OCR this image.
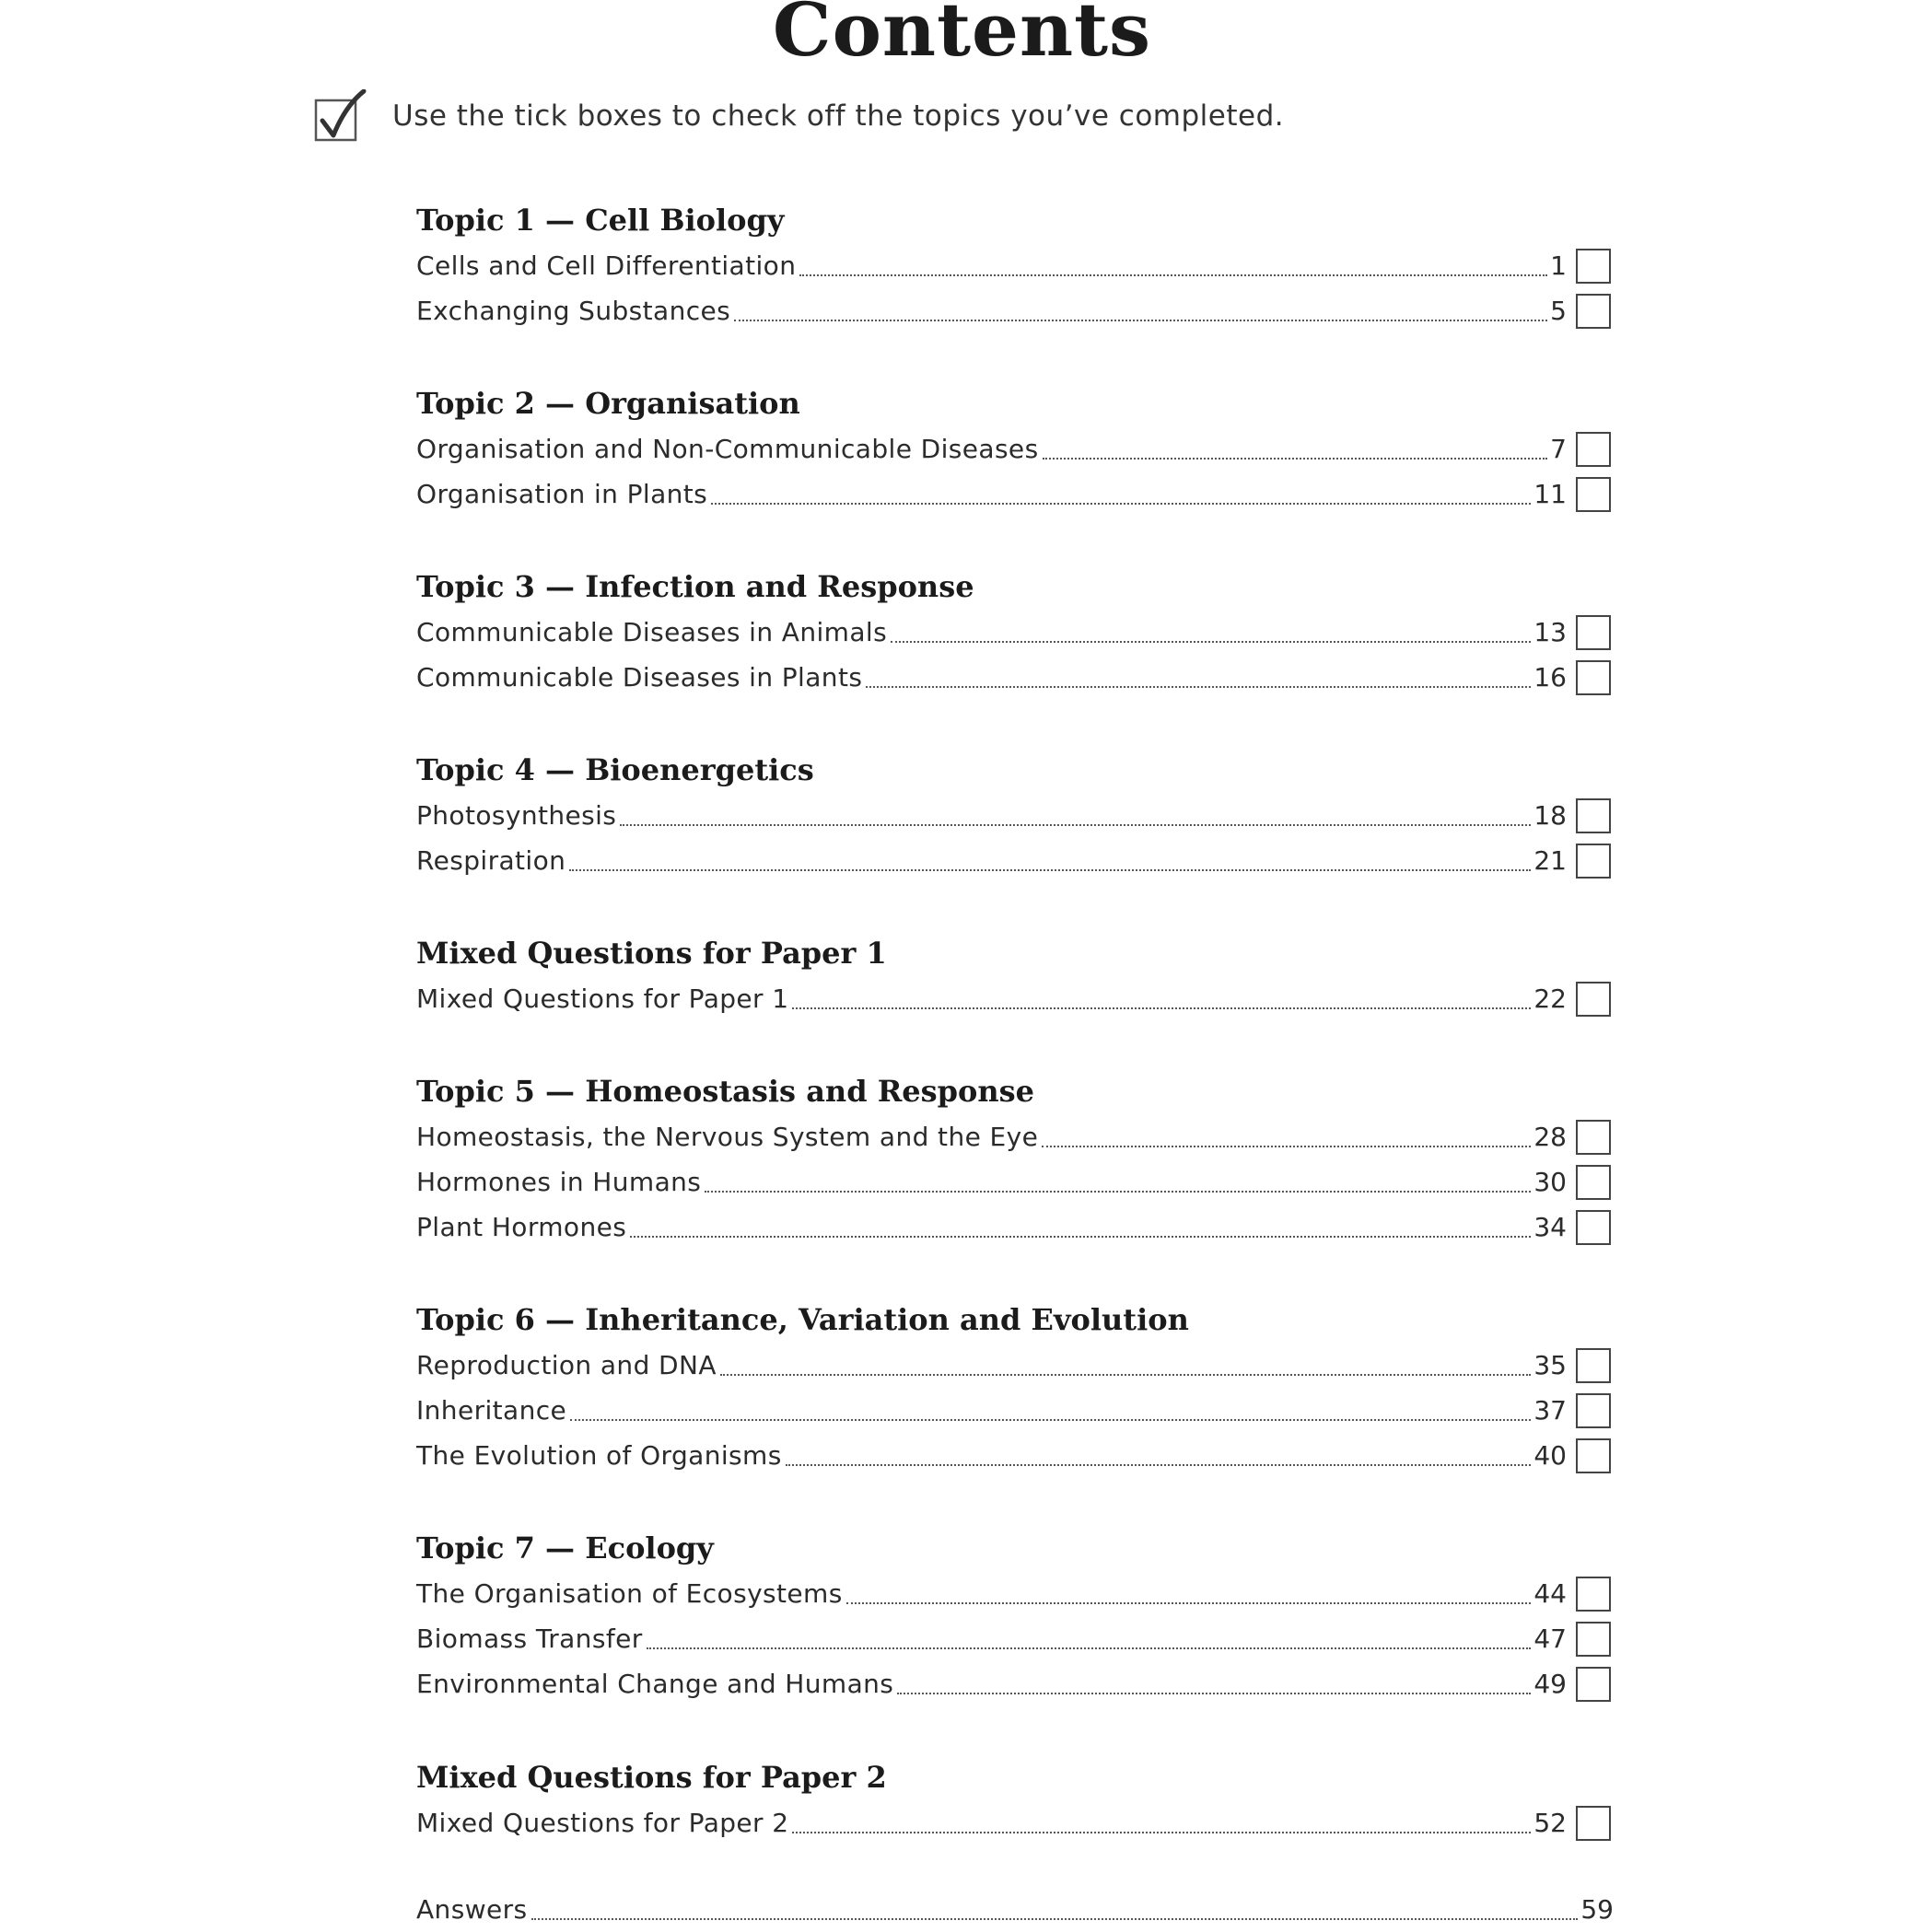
Contents
Use the tick boxes to check off the topics you’ve completed.
Topic 1 — Cell Biology
Cells and Cell Differentiation	1
Exchanging Substances	5
Topic 2 — Organisation
Organisation and Non-Communicable Diseases	7
Organisation in Plants	11
Topic 3 — Infection and Response
Communicable Diseases in Animals	13
Communicable Diseases in Plants	16
Topic 4 — Bioenergetics
Photosynthesis	18
Respiration	21
Mixed Questions for Paper 1
Mixed Questions for Paper 1	22
Topic 5 — Homeostasis and Response
Homeostasis, the Nervous System and the Eye	28
Hormones in Humans	30
Plant Hormones	34
Topic 6 — Inheritance, Variation and Evolution
Reproduction and DNA	35
Inheritance	37
The Evolution of Organisms	40
Topic 7 — Ecology
The Organisation of Ecosystems	44
Biomass Transfer	47
Environmental Change and Humans	49
Mixed Questions for Paper 2
Mixed Questions for Paper 2	52
Answers	59
